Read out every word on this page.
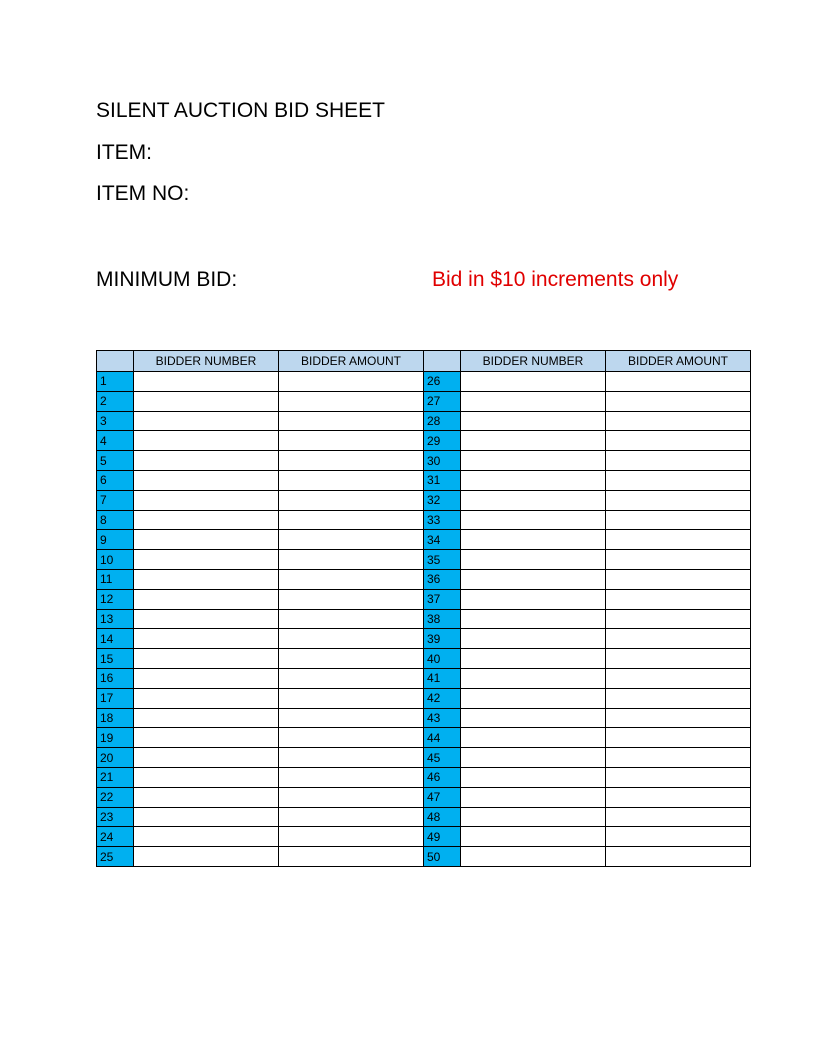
SILENT AUCTION BID SHEET
ITEM:
ITEM NO:
MINIMUM BID:	Bid in $10 increments only
	BIDDER NUMBER	BIDDER AMOUNT		BIDDER NUMBER	BIDDER AMOUNT
1			26		
2			27		
3			28		
4			29		
5			30		
6			31		
7			32		
8			33		
9			34		
10			35		
11			36		
12			37		
13			38		
14			39		
15			40		
16			41		
17			42		
18			43		
19			44		
20			45		
21			46		
22			47		
23			48		
24			49		
25			50		
